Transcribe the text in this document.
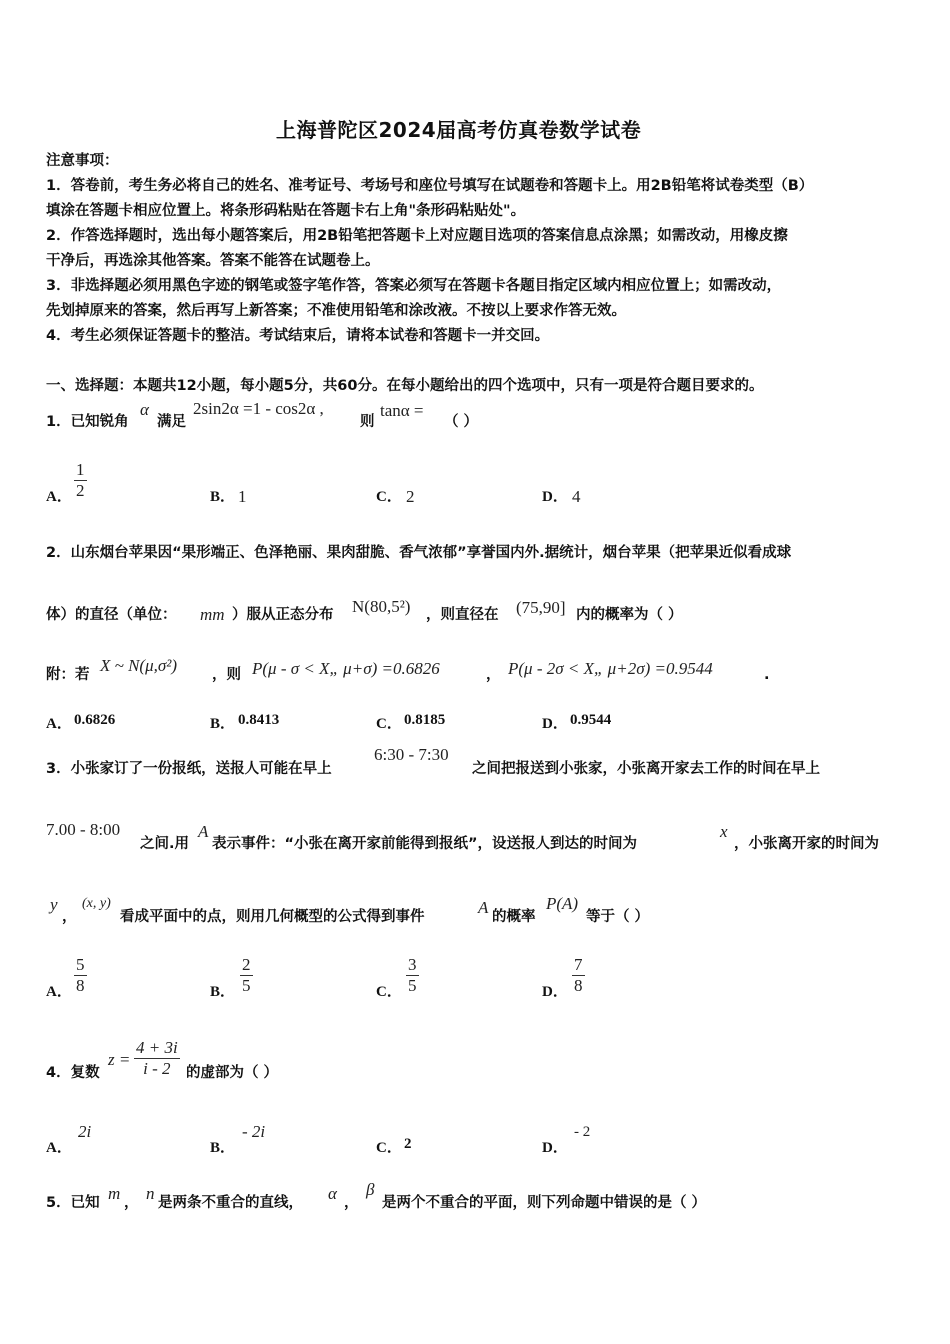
上海普陀区2024届高考仿真卷数学试卷
注意事项：
1．答卷前，考生务必将自己的姓名、准考证号、考场号和座位号填写在试题卷和答题卡上。用2B铅笔将试卷类型（B）
填涂在答题卡相应位置上。将条形码粘贴在答题卡右上角"条形码粘贴处"。
2．作答选择题时，选出每小题答案后，用2B铅笔把答题卡上对应题目选项的答案信息点涂黑；如需改动，用橡皮擦
干净后，再选涂其他答案。答案不能答在试题卷上。
3．非选择题必须用黑色字迹的钢笔或签字笔作答，答案必须写在答题卡各题目指定区域内相应位置上；如需改动，
先划掉原来的答案，然后再写上新答案；不准使用铅笔和涂改液。不按以上要求作答无效。
4．考生必须保证答题卡的整洁。考试结束后，请将本试卷和答题卡一并交回。
一、选择题：本题共12小题，每小题5分，共60分。在每小题给出的四个选项中，只有一项是符合题目要求的。
1．已知锐角
α
满足
2sin2α =1 - cos2α ,
则
tanα =
（ ）
A．
1
2	B． 1	C． 2	D． 4
2．山东烟台苹果因“果形端正、色泽艳丽、果肉甜脆、香气浓郁”享誉国内外.据统计，烟台苹果（把苹果近似看成球
体）的直径（单位： mm ）服从正态分布 N(80,5²) ，则直径在 (75,90] 内的概率为（ ）
附：若 X ~ N(μ,σ²) ，则 P(μ - σ < X„ μ+σ) =0.6826	， P(μ - 2σ < X„ μ+2σ) =0.9544	.
A． 0.6826	B． 0.8413	C． 0.8185	D． 0.9544
3．小张家订了一份报纸，送报人可能在早上
6:30 - 7:30
之间把报送到小张家，小张离开家去工作的时间在早上
7.00 - 8:00
之间.用
A
表示事件：“小张在离开家前能得到报纸”，设送报人到达的时间为
x
，小张离开家的时间为
y
，
(x, y)
看成平面中的点，则用几何概型的公式得到事件	A 的概率
P(A)
等于（ ）
A．
5
8	B．
2
5	C．
3
5	D．
7
8
4．复数
z =
4 + 3i
i - 2 的虚部为（ ）
A．
2i
B．
- 2i
C． 2	D．
- 2
5．已知 m ， n 是两条不重合的直线， α ，
β
是两个不重合的平面，则下列命题中错误的是（ ）
